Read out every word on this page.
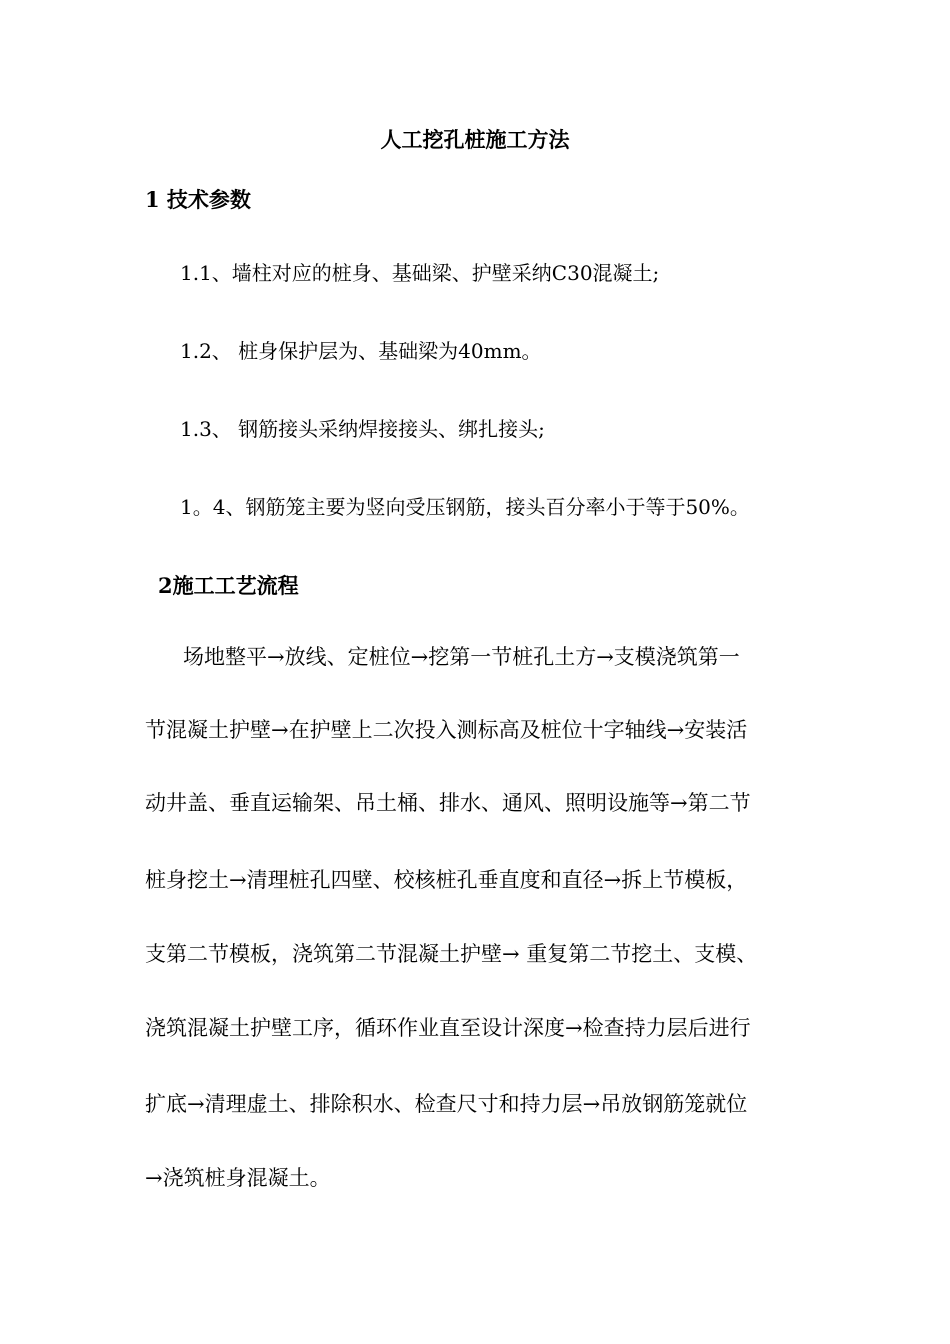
人工挖孔桩施工方法
1 技术参数
1.1、墙柱对应的桩身、基础梁、护壁采纳C30混凝土;
1.2、 桩身保护层为、基础梁为40mm。
1.3、 钢筋接头采纳焊接接头、绑扎接头;
1。4、钢筋笼主要为竖向受压钢筋，接头百分率小于等于50%。
2施工工艺流程
场地整平→放线、定桩位→挖第一节桩孔土方→支模浇筑第一
节混凝土护壁→在护壁上二次投入测标高及桩位十字轴线→安装活
动井盖、垂直运输架、吊土桶、排水、通风、照明设施等→第二节
桩身挖土→清理桩孔四壁、校核桩孔垂直度和直径→拆上节模板，
支第二节模板，浇筑第二节混凝土护壁→ 重复第二节挖土、支模、
浇筑混凝土护壁工序，循环作业直至设计深度→检查持力层后进行
扩底→清理虚土、排除积水、检查尺寸和持力层→吊放钢筋笼就位
→浇筑桩身混凝土。
